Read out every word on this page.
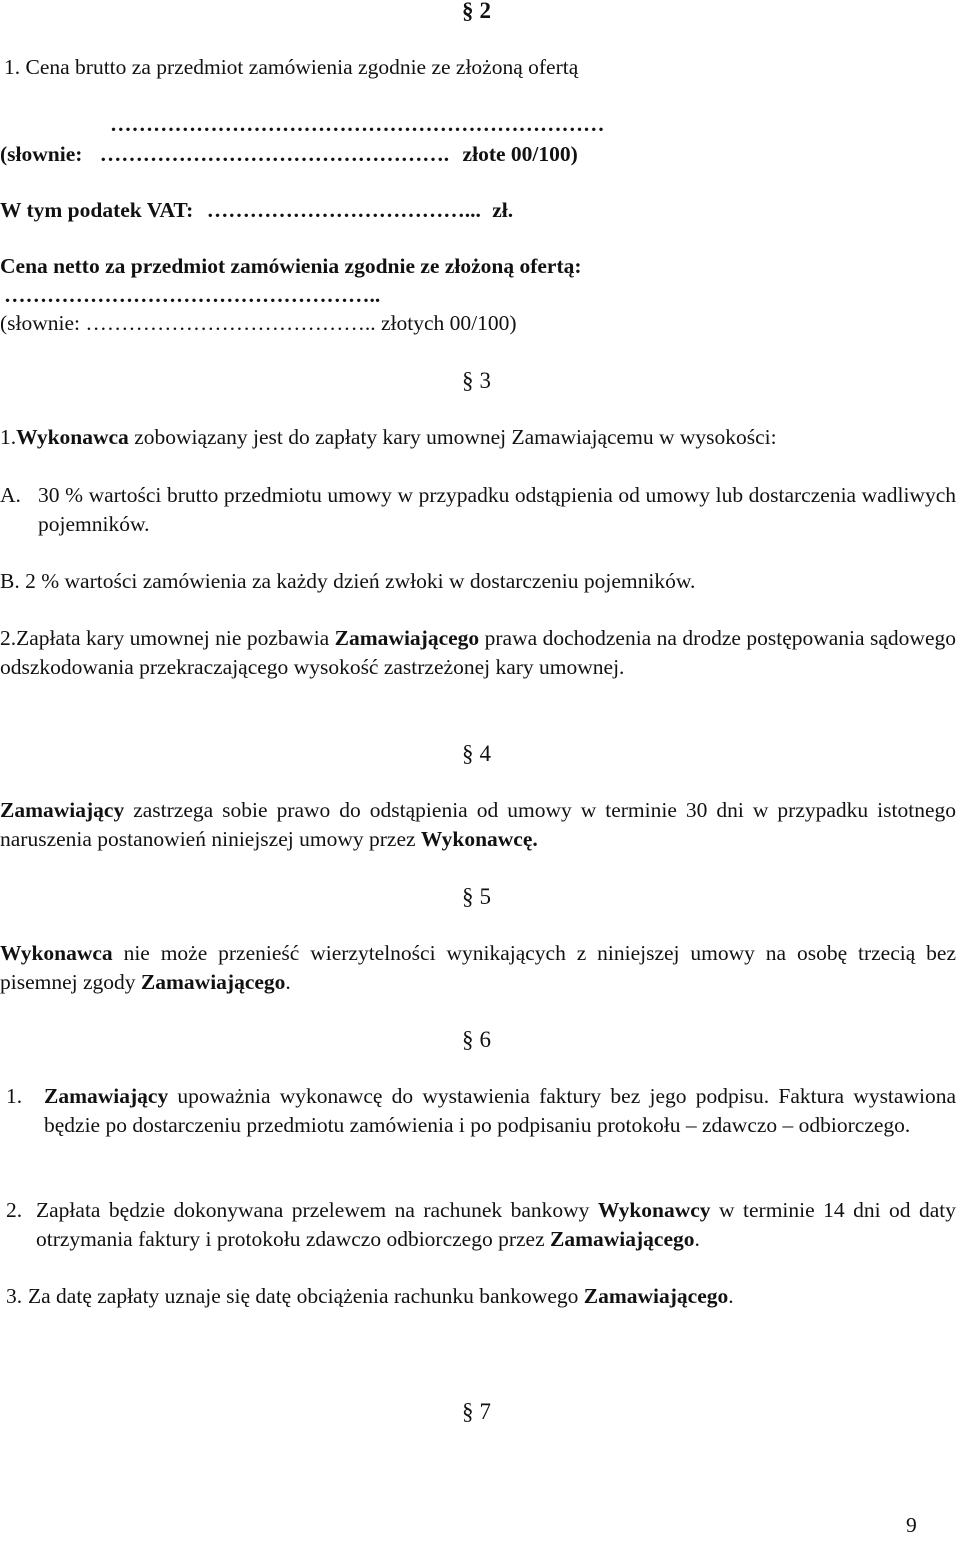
§ 2

1. Cena brutto za przedmiot zamówienia zgodnie ze złożoną ofertą

……………………………………………………………

(słownie: …………………………………………. złote 00/100)
W tym podatek VAT: ………………………………... zł.

Cena netto za przedmiot zamówienia zgodnie ze złożoną ofertą:

……………………………………………..

(słownie: ………………………………….. złotych 00/100)

§ 3

1.Wykonawca zobowiązany jest do zapłaty kary umownej Zamawiającemu w wysokości:

A. 30 % wartości brutto przedmiotu umowy w przypadku odstąpienia od umowy lub dostarczenia wadliwych pojemników.

B. 2 % wartości zamówienia za każdy dzień zwłoki w dostarczeniu pojemników.

2.Zapłata kary umownej nie pozbawia Zamawiającego prawa dochodzenia na drodze postępowania sądowego odszkodowania przekraczającego wysokość zastrzeżonej kary umownej.

§ 4

Zamawiający zastrzega sobie prawo do odstąpienia od umowy w terminie 30 dni w przypadku istotnego naruszenia postanowień niniejszej umowy przez Wykonawcę.

§ 5

Wykonawca nie może przenieść wierzytelności wynikających z niniejszej umowy na osobę trzecią bez pisemnej zgody Zamawiającego.

§ 6
1. Zamawiający upoważnia wykonawcę do wystawienia faktury bez jego podpisu. Faktura wystawiona będzie po dostarczeniu przedmiotu zamówienia i po podpisaniu protokołu – zdawczo – odbiorczego.

2. Zapłata będzie dokonywana przelewem na rachunek bankowy Wykonawcy w terminie 14 dni od daty otrzymania faktury i protokołu zdawczo odbiorczego przez Zamawiającego.

3. Za datę zapłaty uznaje się datę obciążenia rachunku bankowego Zamawiającego.

§ 7

9
